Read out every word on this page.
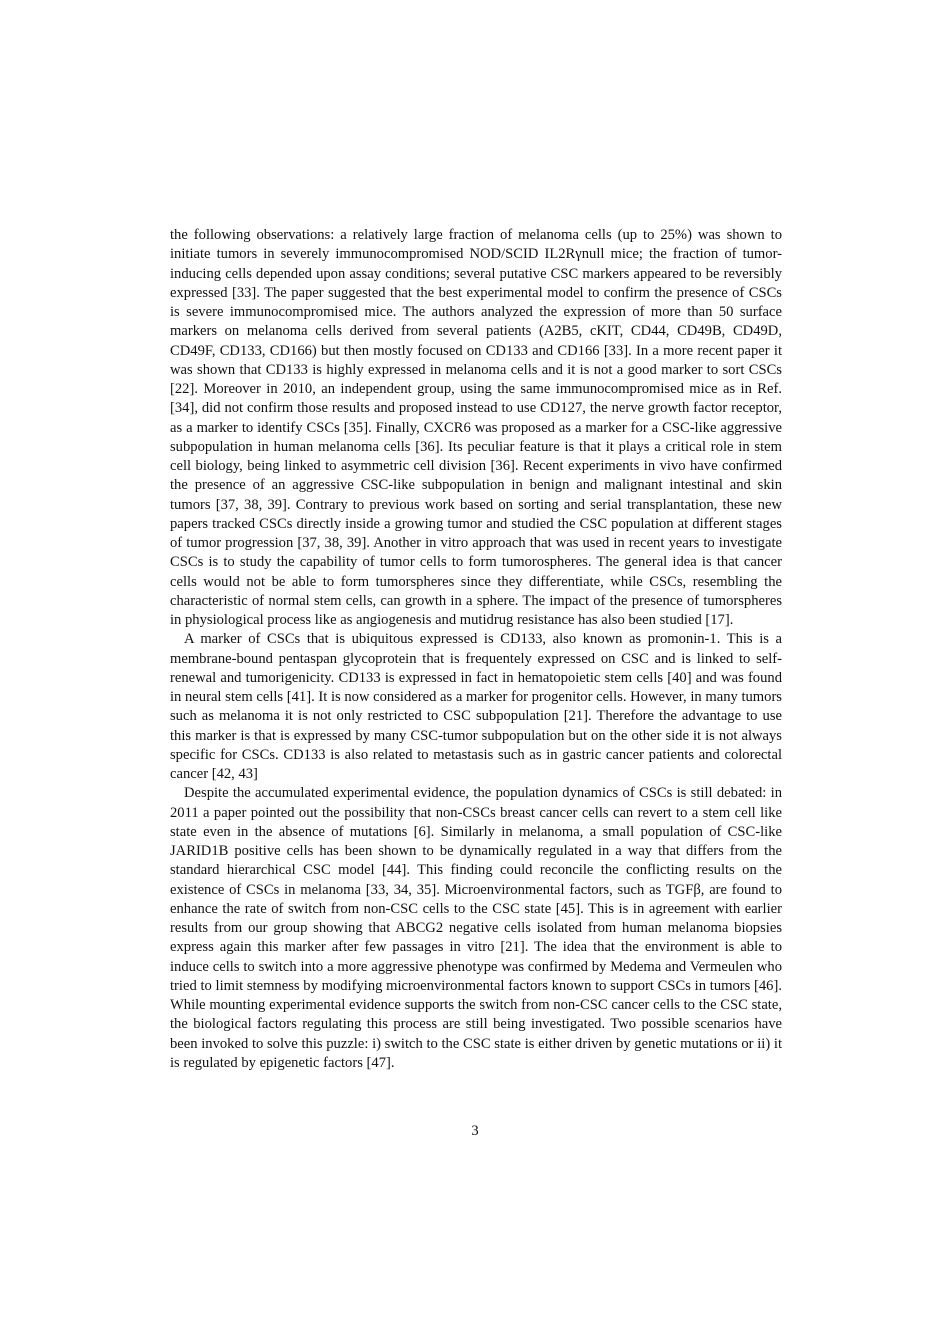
the following observations: a relatively large fraction of melanoma cells (up to 25%) was shown to initiate tumors in severely immunocompromised NOD/SCID IL2Rγnull mice; the fraction of tumor-inducing cells depended upon assay conditions; several putative CSC markers appeared to be reversibly expressed [33]. The paper suggested that the best experimental model to confirm the presence of CSCs is severe immunocompromised mice. The authors analyzed the expression of more than 50 surface markers on melanoma cells derived from several patients (A2B5, cKIT, CD44, CD49B, CD49D, CD49F, CD133, CD166) but then mostly focused on CD133 and CD166 [33]. In a more recent paper it was shown that CD133 is highly expressed in melanoma cells and it is not a good marker to sort CSCs [22]. Moreover in 2010, an independent group, using the same immunocompromised mice as in Ref. [34], did not confirm those results and proposed instead to use CD127, the nerve growth factor receptor, as a marker to identify CSCs [35]. Finally, CXCR6 was proposed as a marker for a CSC-like aggressive subpopulation in human melanoma cells [36]. Its peculiar feature is that it plays a critical role in stem cell biology, being linked to asymmetric cell division [36]. Recent experiments in vivo have confirmed the presence of an aggressive CSC-like subpopulation in benign and malignant intestinal and skin tumors [37, 38, 39]. Contrary to previous work based on sorting and serial transplantation, these new papers tracked CSCs directly inside a growing tumor and studied the CSC population at different stages of tumor progression [37, 38, 39]. Another in vitro approach that was used in recent years to investigate CSCs is to study the capability of tumor cells to form tumorospheres. The general idea is that cancer cells would not be able to form tumorspheres since they differentiate, while CSCs, resembling the characteristic of normal stem cells, can growth in a sphere. The impact of the presence of tumorspheres in physiological process like as angiogenesis and mutidrug resistance has also been studied [17].

A marker of CSCs that is ubiquitous expressed is CD133, also known as promonin-1. This is a membrane-bound pentaspan glycoprotein that is frequentely expressed on CSC and is linked to self-renewal and tumorigenicity. CD133 is expressed in fact in hematopoietic stem cells [40] and was found in neural stem cells [41]. It is now considered as a marker for progenitor cells. However, in many tumors such as melanoma it is not only restricted to CSC subpopulation [21]. Therefore the advantage to use this marker is that is expressed by many CSC-tumor subpopulation but on the other side it is not always specific for CSCs. CD133 is also related to metastasis such as in gastric cancer patients and colorectal cancer [42, 43]

Despite the accumulated experimental evidence, the population dynamics of CSCs is still debated: in 2011 a paper pointed out the possibility that non-CSCs breast cancer cells can revert to a stem cell like state even in the absence of mutations [6]. Similarly in melanoma, a small population of CSC-like JARID1B positive cells has been shown to be dynamically regulated in a way that differs from the standard hierarchical CSC model [44]. This finding could reconcile the conflicting results on the existence of CSCs in melanoma [33, 34, 35]. Microenvironmental factors, such as TGFβ, are found to enhance the rate of switch from non-CSC cells to the CSC state [45]. This is in agreement with earlier results from our group showing that ABCG2 negative cells isolated from human melanoma biopsies express again this marker after few passages in vitro [21]. The idea that the environment is able to induce cells to switch into a more aggressive phenotype was confirmed by Medema and Vermeulen who tried to limit stemness by modifying microenvironmental factors known to support CSCs in tumors [46]. While mounting experimental evidence supports the switch from non-CSC cancer cells to the CSC state, the biological factors regulating this process are still being investigated. Two possible scenarios have been invoked to solve this puzzle: i) switch to the CSC state is either driven by genetic mutations or ii) it is regulated by epigenetic factors [47].

3
